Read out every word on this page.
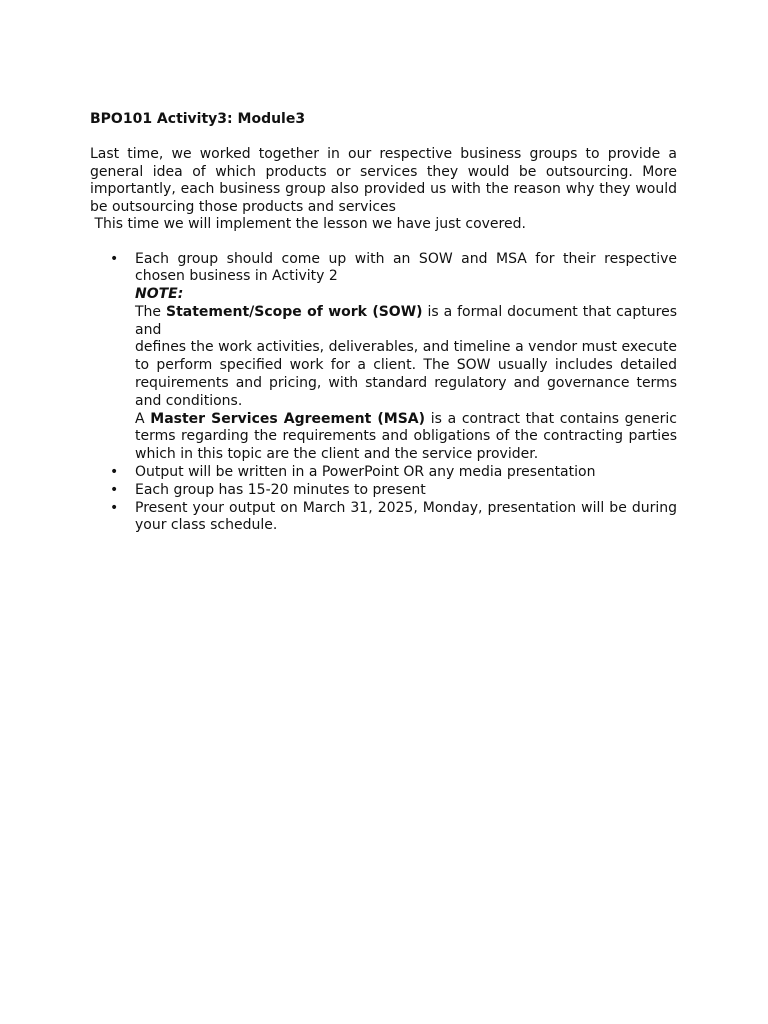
BPO101 Activity3: Module3

Last time, we worked together in our respective business groups to provide a general idea of which products or services they would be outsourcing. More importantly, each business group also provided us with the reason why they would be outsourcing those products and services

This time we will implement the lesson we have just covered.

• Each group should come up with an SOW and MSA for their respective chosen business in Activity 2

NOTE:

The Statement/Scope of work (SOW) is a formal document that captures and

defines the work activities, deliverables, and timeline a vendor must execute to perform specified work for a client. The SOW usually includes detailed requirements and pricing, with standard regulatory and governance terms and conditions.

A Master Services Agreement (MSA) is a contract that contains generic terms regarding the requirements and obligations of the contracting parties which in this topic are the client and the service provider.

• Output will be written in a PowerPoint OR any media presentation

• Each group has 15-20 minutes to present

• Present your output on March 31, 2025, Monday, presentation will be during your class schedule.
